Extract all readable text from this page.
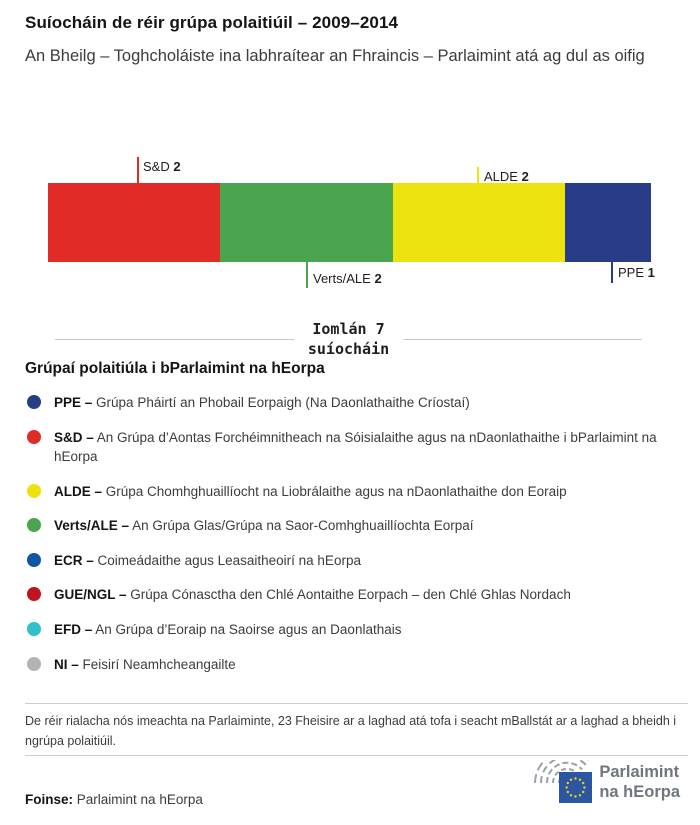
Suíocháin de réir grúpa polaitiúil – 2009–2014
An Bheilg – Toghcholáiste ina labhraítear an Fhraincis – Parlaimint atá ag dul as oifig
S&D 2
ALDE 2
Verts/ALE 2	PPE 1
Iomlán 7
suíocháin
Grúpaí polaitiúla i bParlaimint na hEorpa
PPE – Grúpa Pháirtí an Phobail Eorpaigh (Na Daonlathaithe Críostaí)
S&D – An Grúpa d’Aontas Forchéimnitheach na Sóisialaithe agus na nDaonlathaithe i bParlaimint na hEorpa
ALDE – Grúpa Chomhghuaillíocht na Liobrálaithe agus na nDaonlathaithe don Eoraip
Verts/ALE – An Grúpa Glas/Grúpa na Saor-Comhghuaillíochta Eorpaí
ECR – Coimeádaithe agus Leasaitheoirí na hEorpa
GUE/NGL – Grúpa Cónasctha den Chlé Aontaithe Eorpach – den Chlé Ghlas Nordach
EFD – An Grúpa d’Eoraip na Saoirse agus an Daonlathais
NI – Feisirí Neamhcheangailte
De réir rialacha nós imeachta na Parlaiminte, 23 Fheisire ar a laghad atá tofa i seacht mBallstát ar a laghad a bheidh i ngrúpa polaitiúil.
Foinse: Parlaimint na hEorpa
Parlaimint
na hEorpa
